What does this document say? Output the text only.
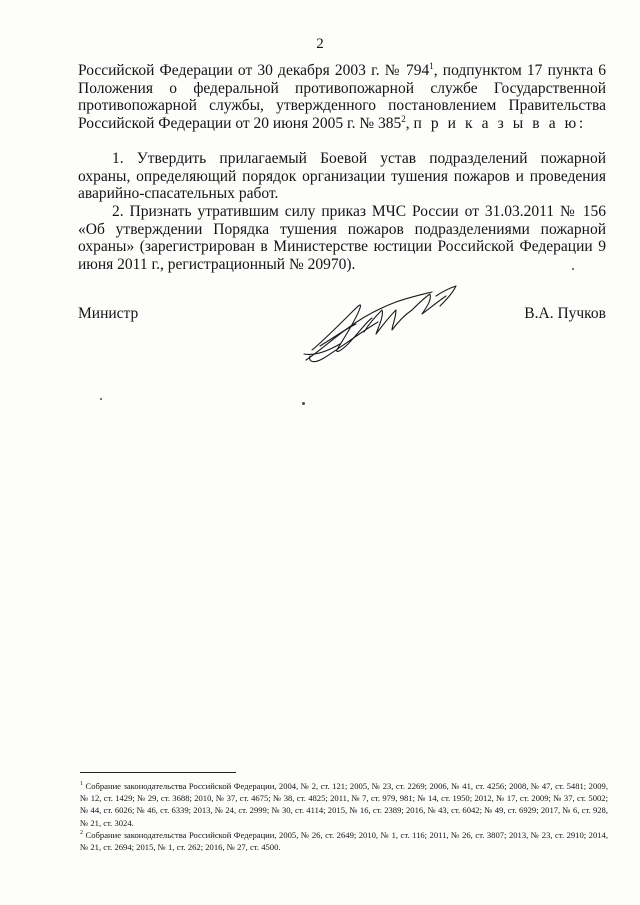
2
Российской Федерации от 30 декабря 2003 г. № $794^1$, подпунктом 17 пункта 6 Положения о федеральной противопожарной службе Государственной противопожарной службы, утвержденного постановлением Правительства Российской Федерации от 20 июня 2005 г. № $385^2$, п р и к а з ы в а ю:
1. Утвердить прилагаемый Боевой устав подразделений пожарной охраны, определяющий порядок организации тушения пожаров и проведения аварийно-спасательных работ.
2. Признать утратившим силу приказ МЧС России от 31.03.2011 № 156 «Об утверждении Порядка тушения пожаров подразделениями пожарной охраны» (зарегистрирован в Министерстве юстиции Российской Федерации 9 июня 2011 г., регистрационный № 20970).
Министр	В.А. Пучков

$^1$ Собрание законодательства Российской Федерации, 2004, № 2, ст. 121; 2005, № 23, ст. 2269; 2006, № 41, ст. 4256; 2008, № 47, ст. 5481; 2009, № 12, ст. 1429; № 29, ст. 3688; 2010, № 37, ст. 4675; № 38, ст. 4825; 2011, № 7, ст. 979, 981; № 14, ст. 1950; 2012, № 17, ст. 2009; № 37, ст. 5002; № 44, ст. 6026; № 46, ст. 6339; 2013, № 24, ст. 2999; № 30, ст. 4114; 2015, № 16, ст. 2389; 2016, № 43, ст. 6042; № 49, ст. 6929; 2017, № 6, ст. 928, № 21, ст. 3024.

$^2$ Собрание законодательства Российской Федерации, 2005, № 26, ст. 2649; 2010, № 1, ст. 116; 2011, № 26, ст. 3807; 2013, № 23, ст. 2910; 2014, № 21, ст. 2694; 2015, № 1, ст. 262; 2016, № 27, ст. 4500.
